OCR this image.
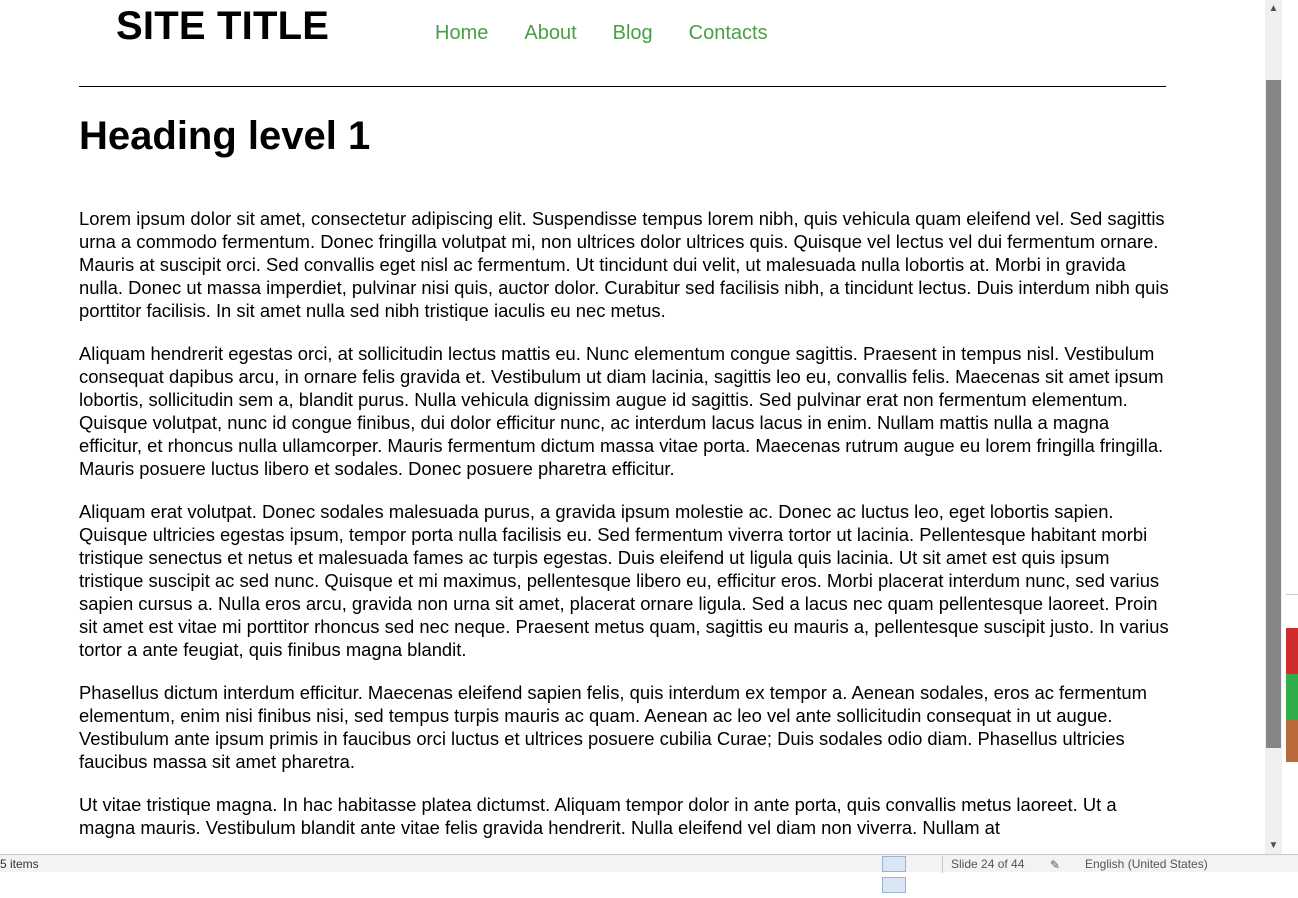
SITE TITLE	Home About Blog Contacts
Heading level 1

Lorem ipsum dolor sit amet, consectetur adipiscing elit. Suspendisse tempus lorem nibh, quis vehicula quam eleifend vel. Sed sagittis urna a commodo fermentum. Donec fringilla volutpat mi, non ultrices dolor ultrices quis. Quisque vel lectus vel dui fermentum ornare. Mauris at suscipit orci. Sed convallis eget nisl ac fermentum. Ut tincidunt dui velit, ut malesuada nulla lobortis at. Morbi in gravida nulla. Donec ut massa imperdiet, pulvinar nisi quis, auctor dolor. Curabitur sed facilisis nibh, a tincidunt lectus. Duis interdum nibh quis porttitor facilisis. In sit amet nulla sed nibh tristique iaculis eu nec metus.

Aliquam hendrerit egestas orci, at sollicitudin lectus mattis eu. Nunc elementum congue sagittis. Praesent in tempus nisl. Vestibulum consequat dapibus arcu, in ornare felis gravida et. Vestibulum ut diam lacinia, sagittis leo eu, convallis felis. Maecenas sit amet ipsum lobortis, sollicitudin sem a, blandit purus. Nulla vehicula dignissim augue id sagittis. Sed pulvinar erat non fermentum elementum. Quisque volutpat, nunc id congue finibus, dui dolor efficitur nunc, ac interdum lacus lacus in enim. Nullam mattis nulla a magna efficitur, et rhoncus nulla ullamcorper. Mauris fermentum dictum massa vitae porta. Maecenas rutrum augue eu lorem fringilla fringilla. Mauris posuere luctus libero et sodales. Donec posuere pharetra efficitur.

Aliquam erat volutpat. Donec sodales malesuada purus, a gravida ipsum molestie ac. Donec ac luctus leo, eget lobortis sapien. Quisque ultricies egestas ipsum, tempor porta nulla facilisis eu. Sed fermentum viverra tortor ut lacinia. Pellentesque habitant morbi tristique senectus et netus et malesuada fames ac turpis egestas. Duis eleifend ut ligula quis lacinia. Ut sit amet est quis ipsum tristique suscipit ac sed nunc. Quisque et mi maximus, pellentesque libero eu, efficitur eros. Morbi placerat interdum nunc, sed varius sapien cursus a. Nulla eros arcu, gravida non urna sit amet, placerat ornare ligula. Sed a lacus nec quam pellentesque laoreet. Proin sit amet est vitae mi porttitor rhoncus sed nec neque. Praesent metus quam, sagittis eu mauris a, pellentesque suscipit justo. In varius tortor a ante feugiat, quis finibus magna blandit.

Phasellus dictum interdum efficitur. Maecenas eleifend sapien felis, quis interdum ex tempor a. Aenean sodales, eros ac fermentum elementum, enim nisi finibus nisi, sed tempus turpis mauris ac quam. Aenean ac leo vel ante sollicitudin consequat in ut augue. Vestibulum ante ipsum primis in faucibus orci luctus et ultrices posuere cubilia Curae; Duis sodales odio diam. Phasellus ultricies faucibus massa sit amet pharetra.

Ut vitae tristique magna. In hac habitasse platea dictumst. Aliquam tempor dolor in ante porta, quis convallis metus laoreet. Ut a magna mauris. Vestibulum blandit ante vitae felis gravida hendrerit. Nulla eleifend vel diam non viverra. Nullam at

▲
▼
5 items
	Slide 24 of 44 ✎	English (United States)
